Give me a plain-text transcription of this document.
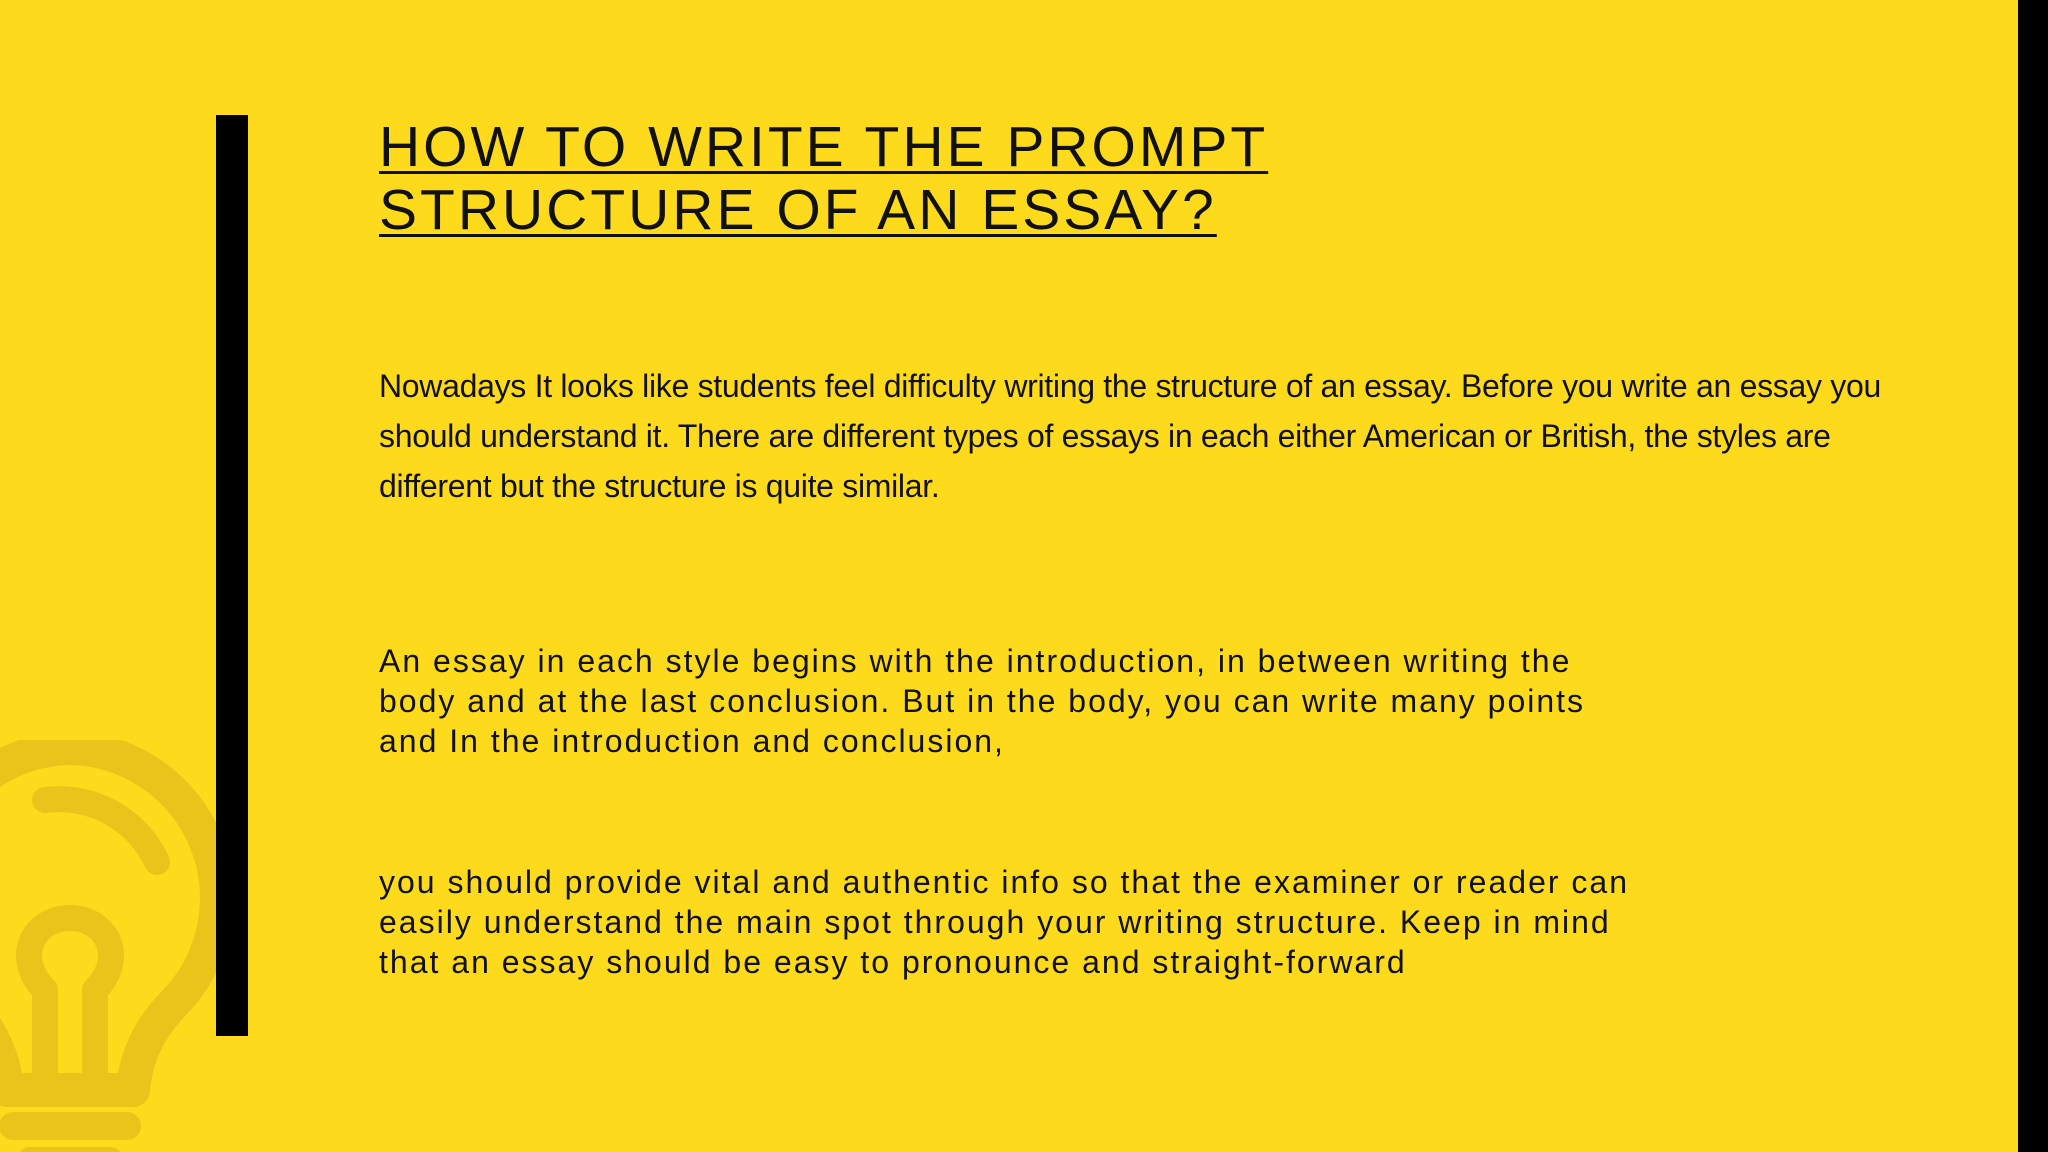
HOW TO WRITE THE PROMPT
STRUCTURE OF AN ESSAY?

Nowadays It looks like students feel difficulty writing the structure of an essay. Before you write an essay you should understand it. There are different types of essays in each either American or British, the styles are different but the structure is quite similar.

An essay in each style begins with the introduction, in between writing the
body and at the last conclusion. But in the body, you can write many points
and In the introduction and conclusion,

you should provide vital and authentic info so that the examiner or reader can
easily understand the main spot through your writing structure. Keep in mind
that an essay should be easy to pronounce and straight-forward
